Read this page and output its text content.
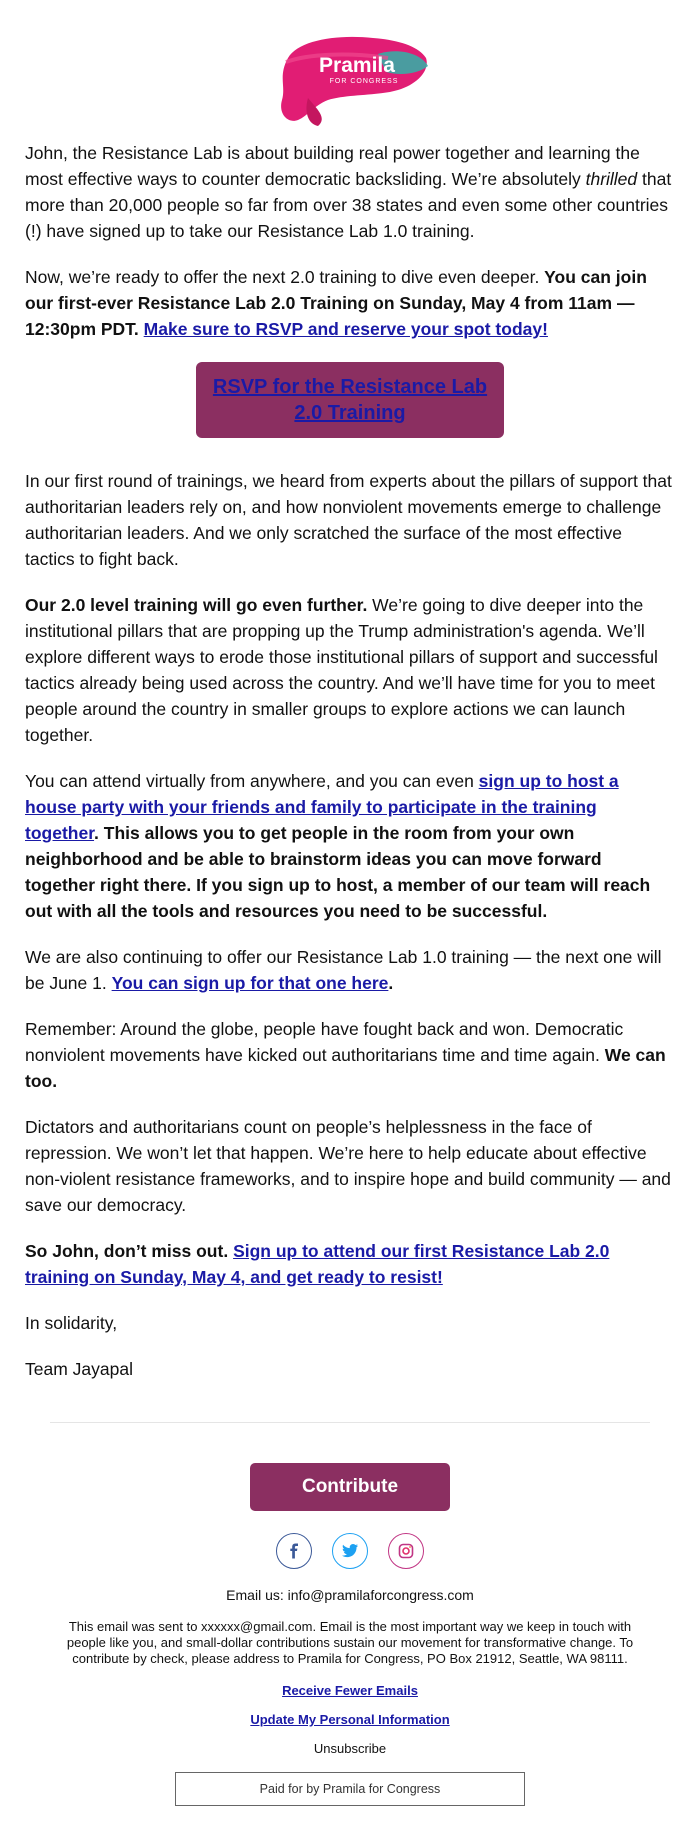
Pramila
FOR CONGRESS

John, the Resistance Lab is about building real power together and learning the most effective ways to counter democratic backsliding. We’re absolutely thrilled that more than 20,000 people so far from over 38 states and even some other countries (!) have signed up to take our Resistance Lab 1.0 training.

Now, we’re ready to offer the next 2.0 training to dive even deeper. You can join our first-ever Resistance Lab 2.0 Training on Sunday, May 4 from 11am — 12:30pm PDT. Make sure to RSVP and reserve your spot today!

RSVP for the Resistance Lab 2.0 Training

In our first round of trainings, we heard from experts about the pillars of support that authoritarian leaders rely on, and how nonviolent movements emerge to challenge authoritarian leaders. And we only scratched the surface of the most effective tactics to fight back.

Our 2.0 level training will go even further. We’re going to dive deeper into the institutional pillars that are propping up the Trump administration's agenda. We’ll explore different ways to erode those institutional pillars of support and successful tactics already being used across the country. And we’ll have time for you to meet people around the country in smaller groups to explore actions we can launch together.

You can attend virtually from anywhere, and you can even sign up to host a house party with your friends and family to participate in the training together. This allows you to get people in the room from your own neighborhood and be able to brainstorm ideas you can move forward together right there. If you sign up to host, a member of our team will reach out with all the tools and resources you need to be successful.

We are also continuing to offer our Resistance Lab 1.0 training — the next one will be June 1. You can sign up for that one here.

Remember: Around the globe, people have fought back and won. Democratic nonviolent movements have kicked out authoritarians time and time again. We can too.

Dictators and authoritarians count on people’s helplessness in the face of repression. We won’t let that happen. We’re here to help educate about effective non-violent resistance frameworks, and to inspire hope and build community — and save our democracy.

So John, don’t miss out. Sign up to attend our first Resistance Lab 2.0 training on Sunday, May 4, and get ready to resist!

In solidarity,

Team Jayapal

Contribute
Email us: info@pramilaforcongress.com
This email was sent to xxxxxx@gmail.com. Email is the most important way we keep in touch with people like you, and small-dollar contributions sustain our movement for transformative change. To contribute by check, please address to Pramila for Congress, PO Box 21912, Seattle, WA 98111.
Receive Fewer Emails
Update My Personal Information
Unsubscribe
Paid for by Pramila for Congress
